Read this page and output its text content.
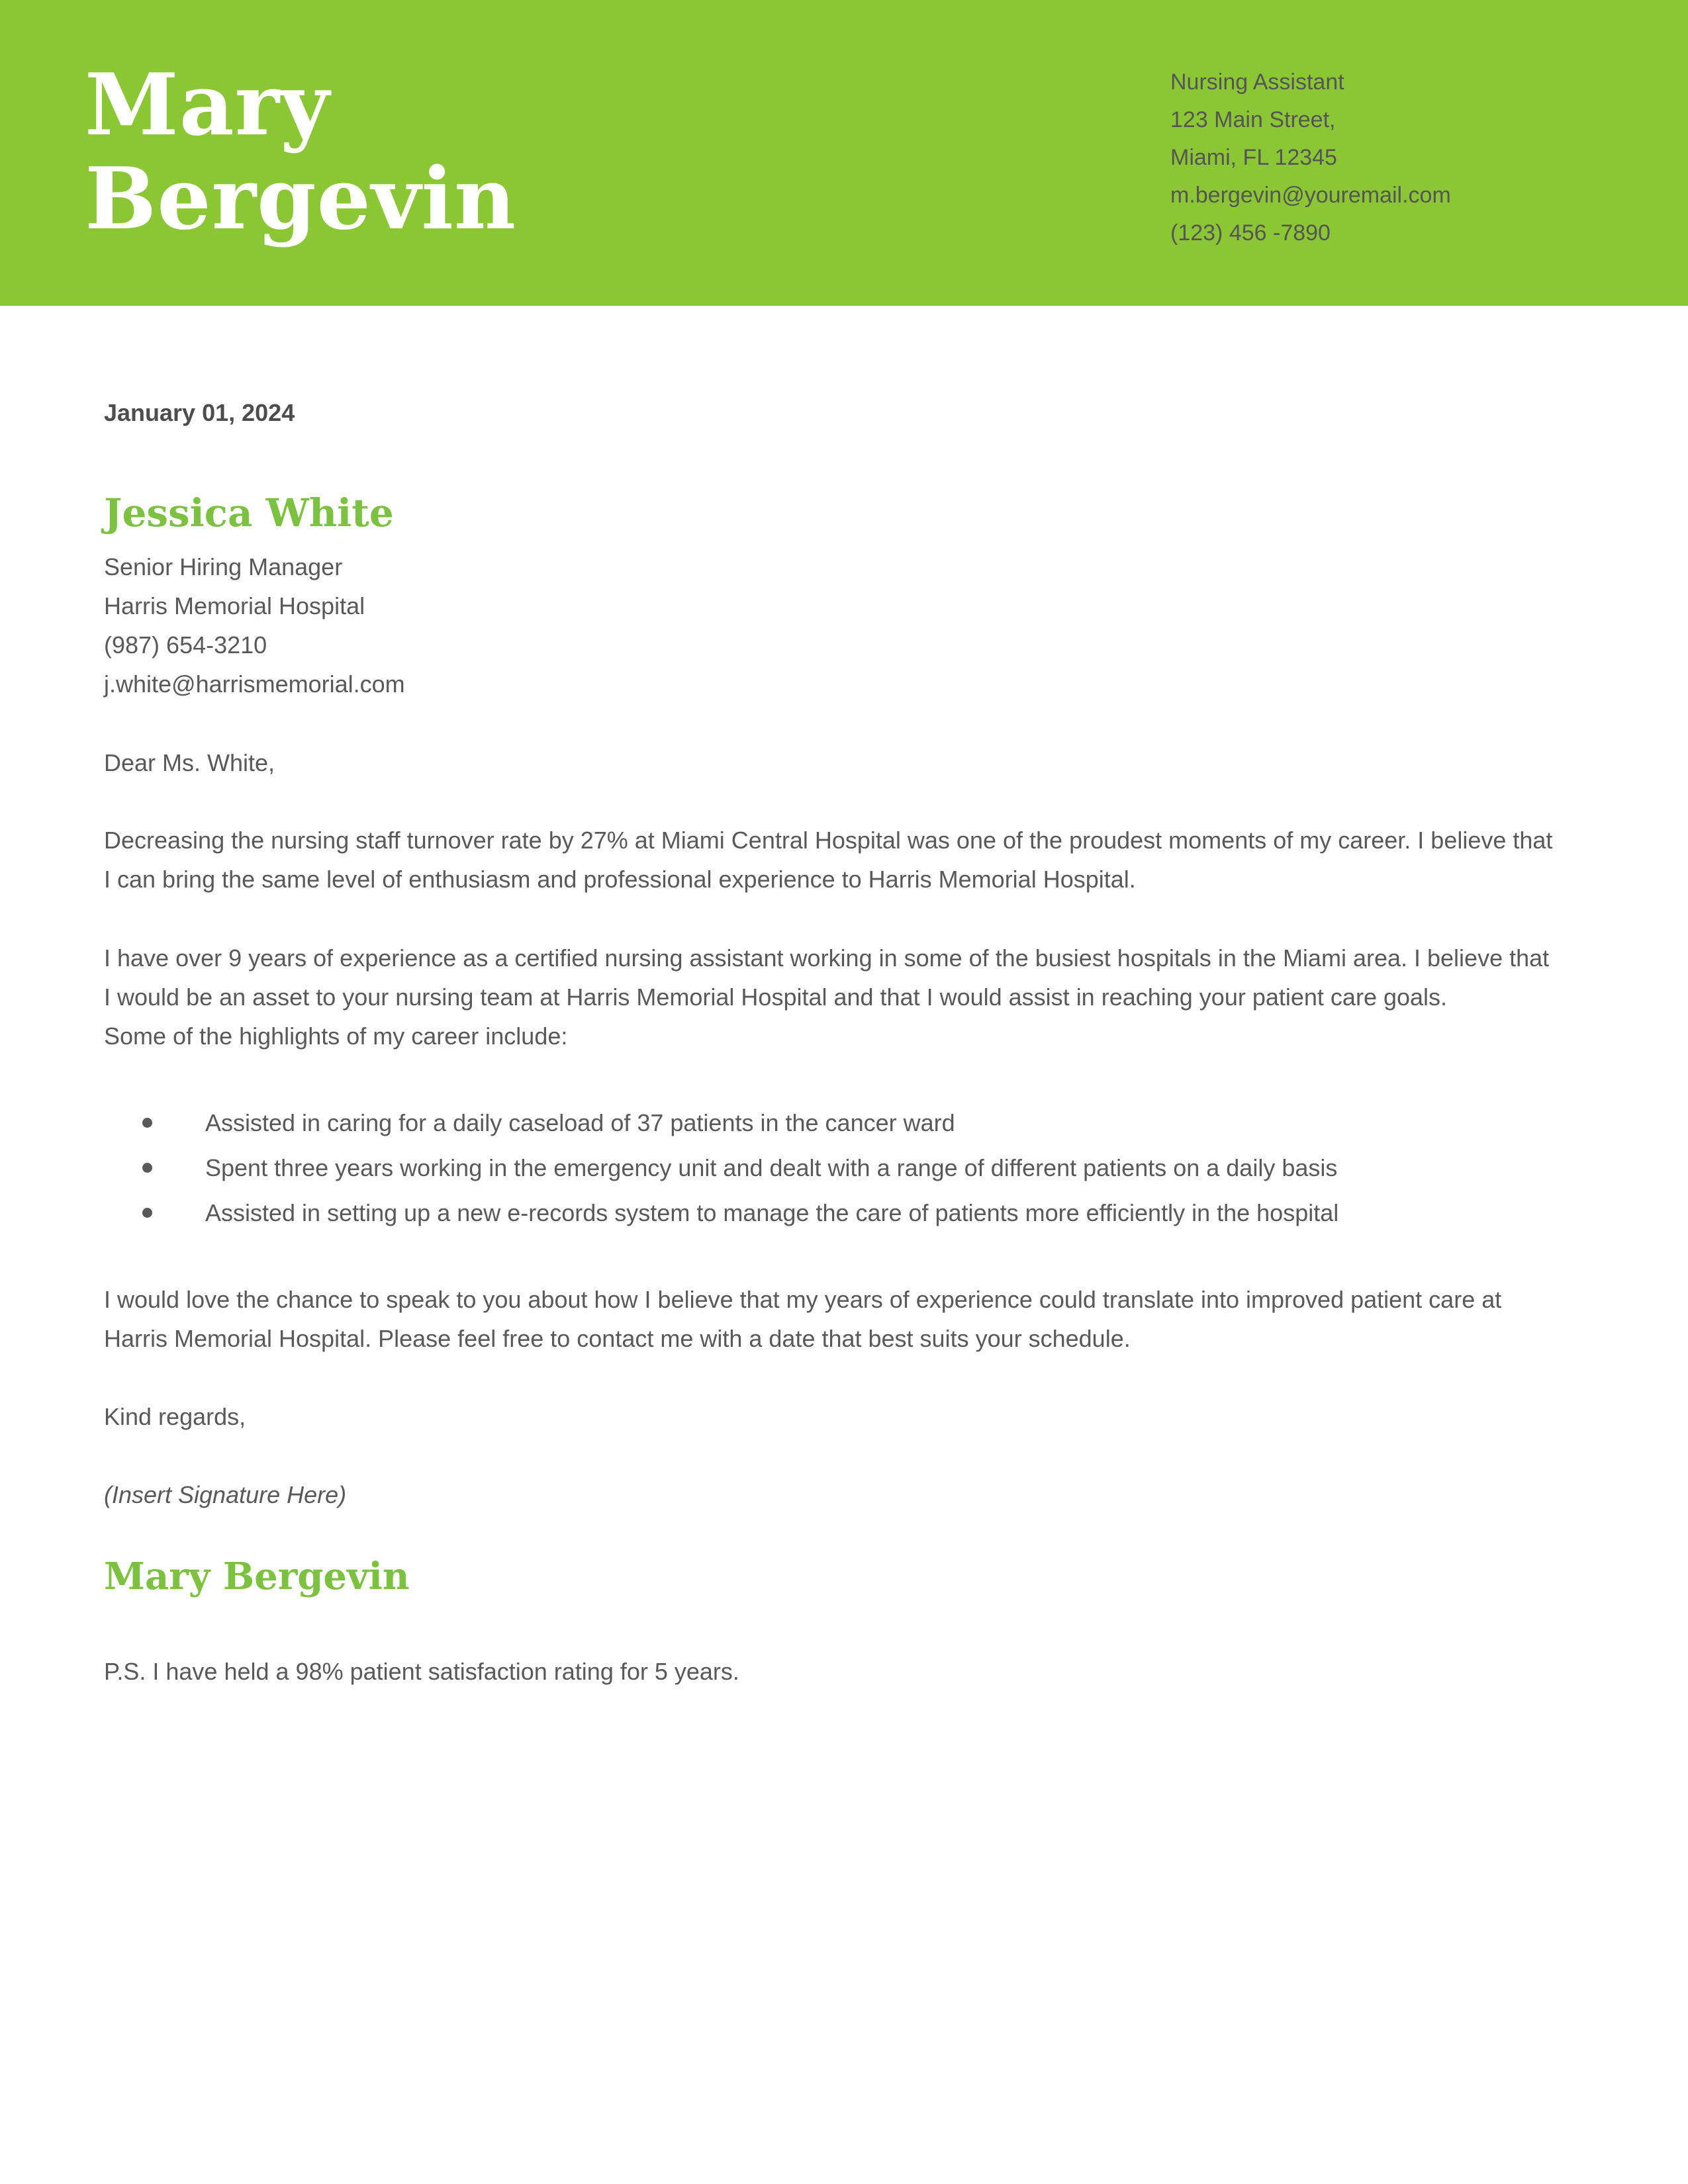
Mary
Bergevin
Nursing Assistant
123 Main Street,
Miami, FL 12345
m.bergevin@youremail.com
(123) 456 -7890
January 01, 2024
Jessica White
Senior Hiring Manager
Harris Memorial Hospital
(987) 654-3210
j.white@harrismemorial.com
Dear Ms. White,
Decreasing the nursing staff turnover rate by 27% at Miami Central Hospital was one of the proudest moments of my career. I believe that I can bring the same level of enthusiasm and professional experience to Harris Memorial Hospital.
I have over 9 years of experience as a certified nursing assistant working in some of the busiest hospitals in the Miami area. I believe that I would be an asset to your nursing team at Harris Memorial Hospital and that I would assist in reaching your patient care goals.
Some of the highlights of my career include:
Assisted in caring for a daily caseload of 37 patients in the cancer ward
Spent three years working in the emergency unit and dealt with a range of different patients on a daily basis
Assisted in setting up a new e-records system to manage the care of patients more efficiently in the hospital
I would love the chance to speak to you about how I believe that my years of experience could translate into improved patient care at Harris Memorial Hospital. Please feel free to contact me with a date that best suits your schedule.
Kind regards,
(Insert Signature Here)
Mary Bergevin
P.S. I have held a 98% patient satisfaction rating for 5 years.
